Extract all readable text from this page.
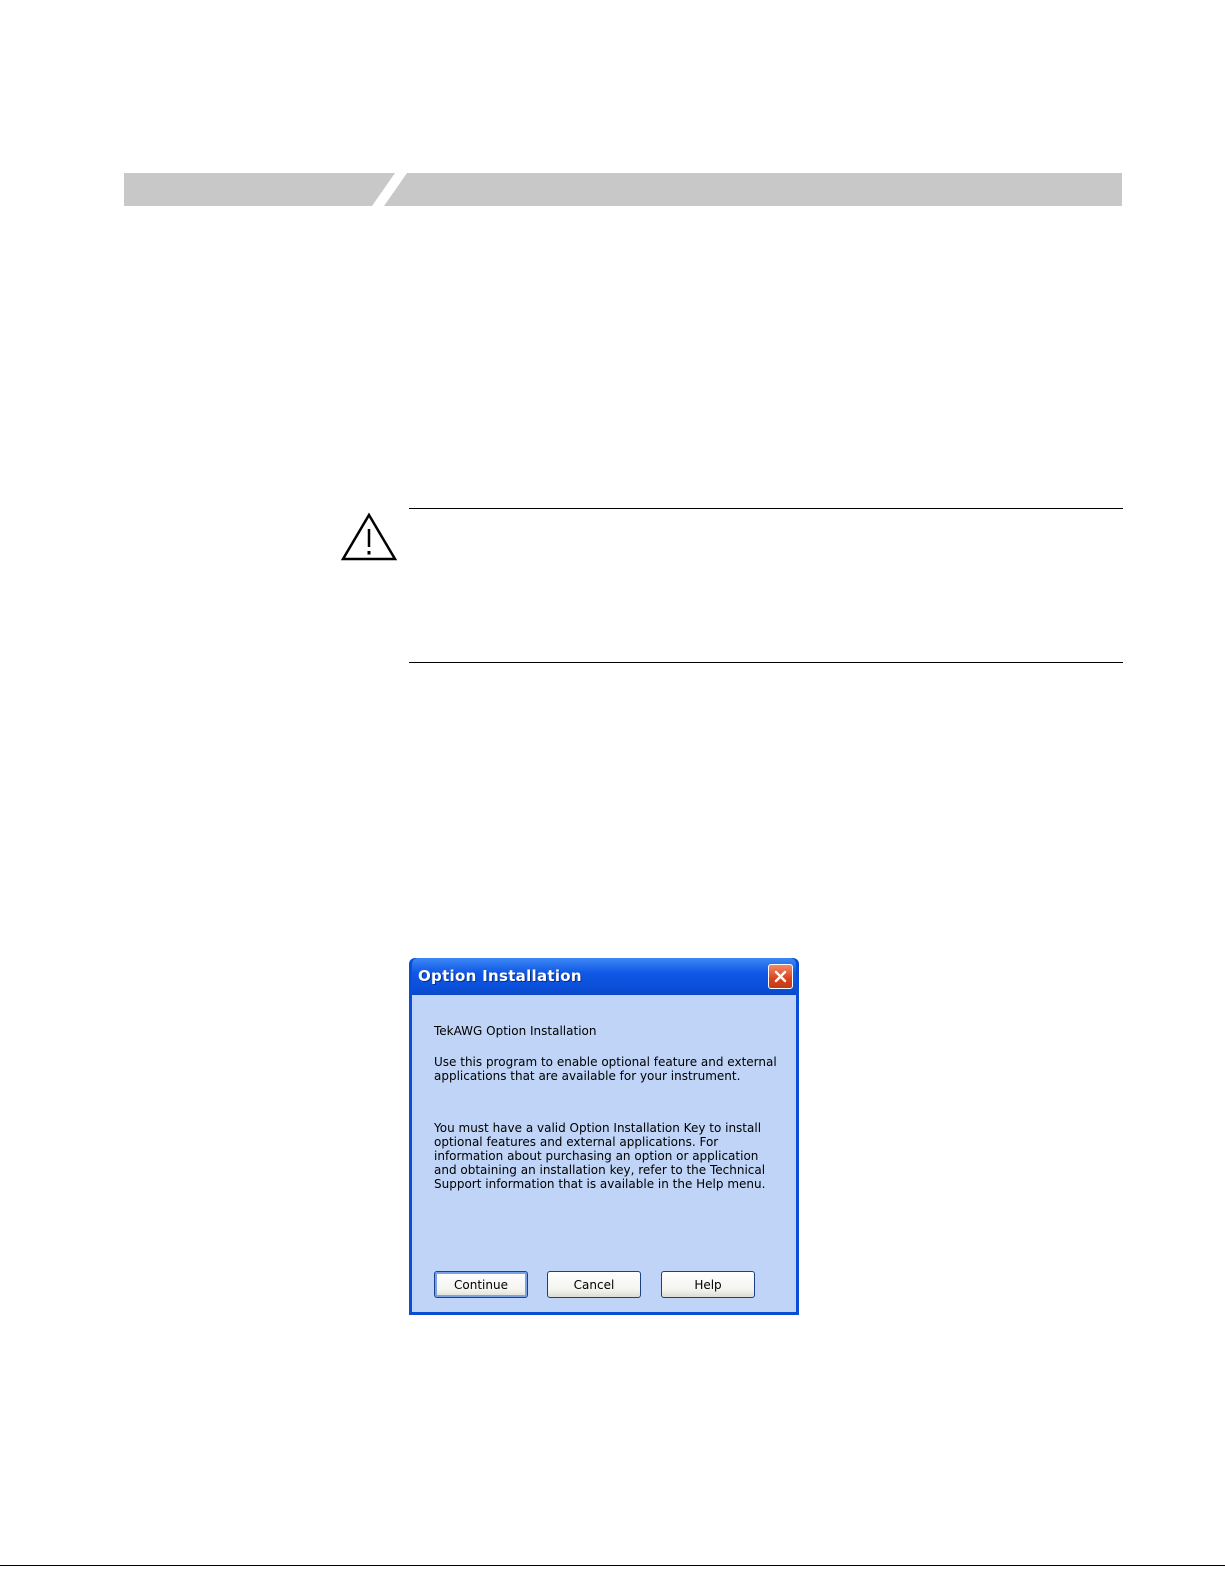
Option Installation
TekAWG Option Installation
Use this program to enable optional feature and external applications that are available for your instrument.
You must have a valid Option Installation Key to install optional features and external applications. For information about purchasing an option or application and obtaining an installation key, refer to the Technical Support information that is available in the Help menu.
Continue	Cancel	Help
